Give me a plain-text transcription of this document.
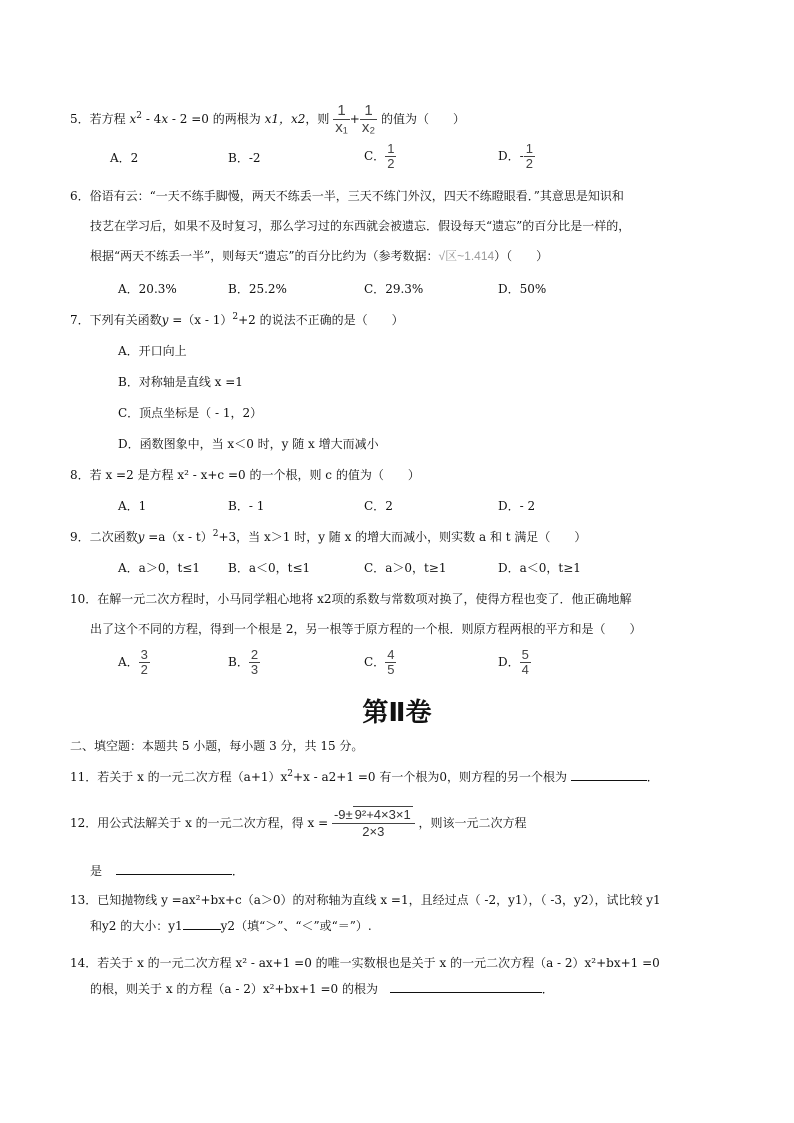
5．若方程 $x^2 - 4x - 2 =0$ 的两根为 x1，x2，则 $\frac{1}{\text{x₁}} + \frac{1}{\text{x₂}}$ 的值为（　　）
A．2	B．-2	C． $\frac{1}{2}$	D．- $\frac{1}{2}$
6．俗语有云：“一天不练手脚慢，两天不练丢一半，三天不练门外汉，四天不练瞪眼看．”其意思是知识和
技艺在学习后，如果不及时复习，那么学习过的东西就会被遗忘．假设每天“遗忘”的百分比是一样的，
根据“两天不练丢一半”，则每天“遗忘”的百分比约为（参考数据：√区~1.414）（　　）
A．20.3%	B．25.2%	C．29.3%	D．50%
7．下列有关函数y =（x - 1）$^2$+2 的说法不正确的是（　　）
A．开口向上
B．对称轴是直线 x =1
C．顶点坐标是（ - 1，2）
D．函数图象中，当 x＜0 时，y 随 x 增大而减小
8．若 x =2 是方程 x² - x+c =0 的一个根，则 c 的值为（　　）
A．1	B．- 1	C．2	D．- 2
9．二次函数y =a（x - t）$^2$+3，当 x＞1 时，y 随 x 的增大而减小，则实数 a 和 t 满足（　　）
A．a＞0，t≤1 B．a＜0，t≤1	C．a＞0，t≥1	D．a＜0，t≥1
10．在解一元二次方程时，小马同学粗心地将 x2项的系数与常数项对换了，使得方程也变了．他正确地解
出了这个不同的方程，得到一个根是 2，另一根等于原方程的一个根．则原方程两根的平方和是（　　）
A． $\frac{3}{2}$	B． $\frac{2}{3}$	C． $\frac{4}{5}$	D． $\frac{5}{4}$
第Ⅱ卷
二、填空题：本题共 5 小题，每小题 3 分，共 15 分。
11．若关于 x 的一元二次方程$(a+1)x^2+x - a2+1 =0$ 有一个根为0，则方程的另一个根为	．
12．用公式法解关于 x 的一元二次方程，得 $x = \frac{\text{-9± 9²+4×3×1}}{2\times 3}$ ，则该一元二次方程
是	．
13．已知抛物线 y =ax²+bx+c（a＞0）的对称轴为直线 x =1，且经过点（ -2，y1），（ -3，y2），试比较 y1
和y2 的大小：y1	y2（填“＞”、“＜”或“＝”）.
14．若关于 x 的一元二次方程 x² - ax+1 =0 的唯一实数根也是关于 x 的一元二次方程（a - 2）x²+bx+1 =0
的根，则关于 x 的方程（a - 2）x²+bx+1 =0 的根为	．
